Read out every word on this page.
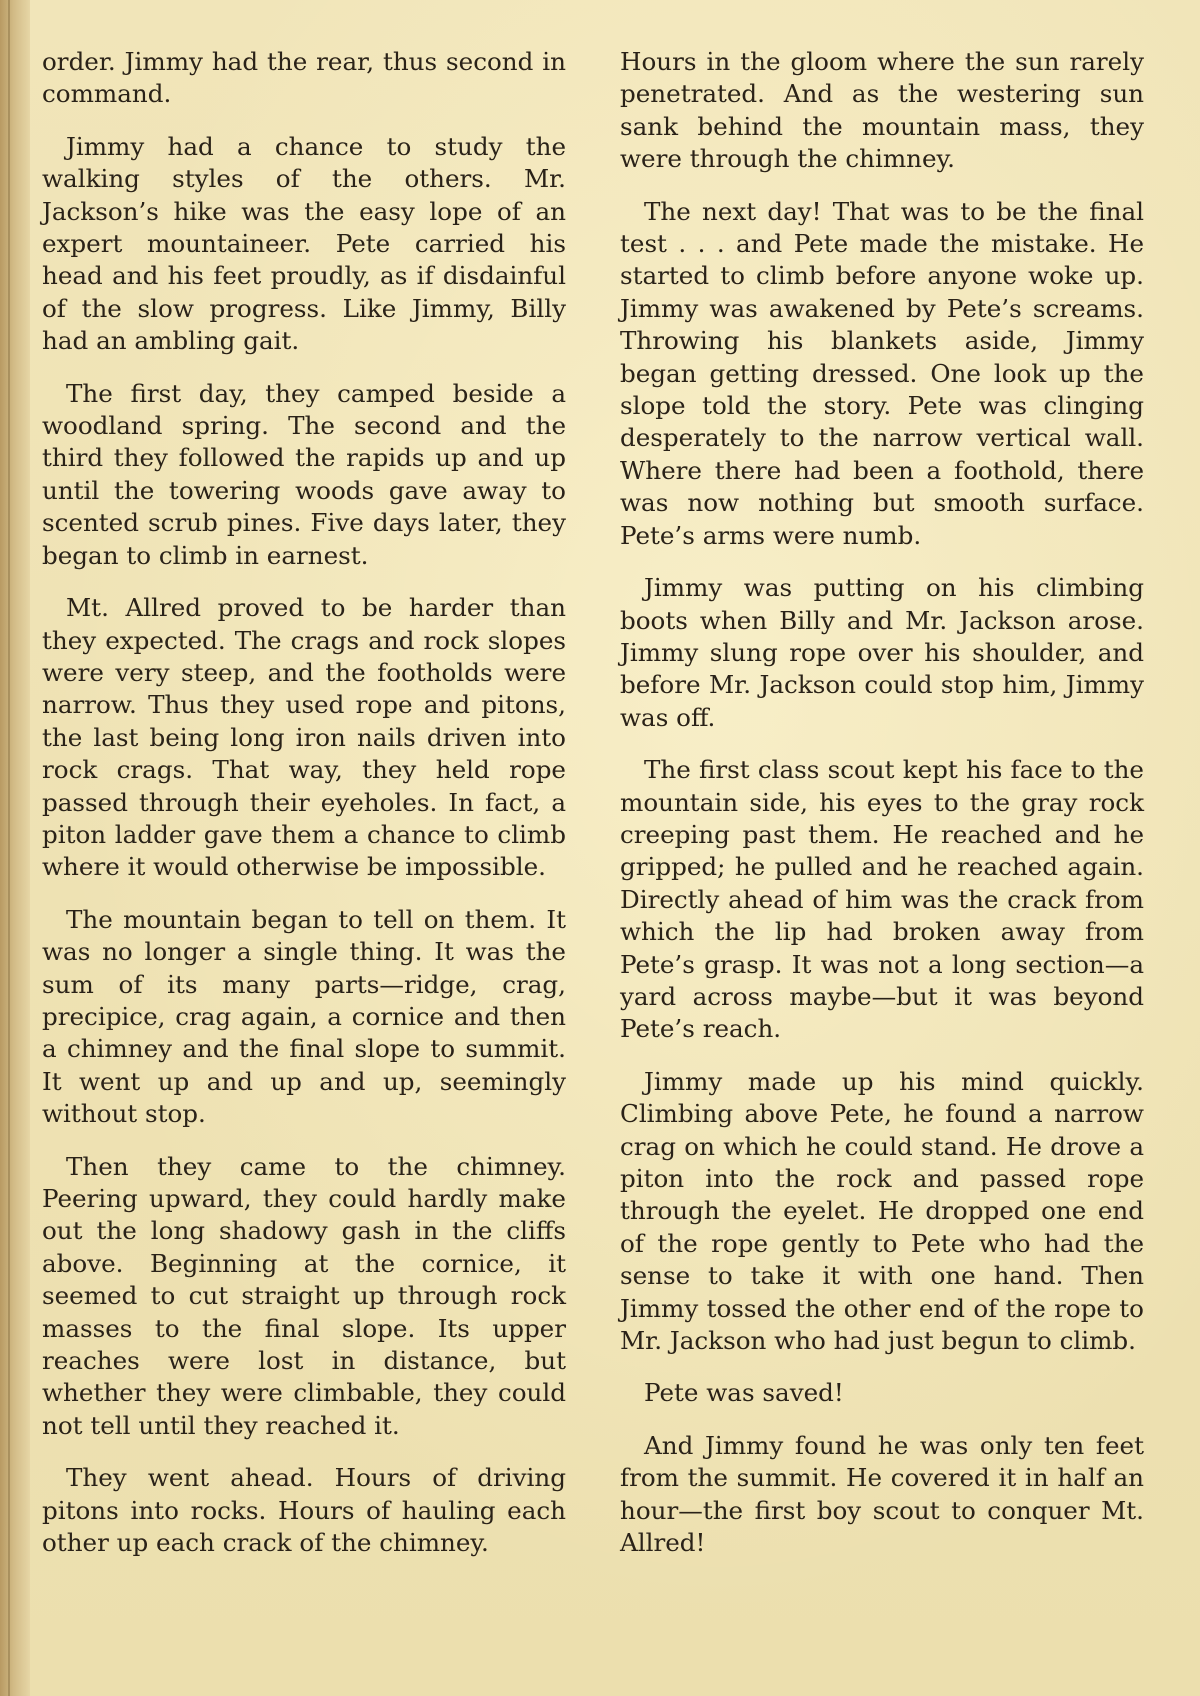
order. Jimmy had the rear, thus second in command.

Jimmy had a chance to study the walking styles of the others. Mr. Jackson’s hike was the easy lope of an expert mountaineer. Pete carried his head and his feet proudly, as if disdainful of the slow progress. Like Jimmy, Billy had an ambling gait.

The first day, they camped beside a woodland spring. The second and the third they followed the rapids up and up until the towering woods gave away to scented scrub pines. Five days later, they began to climb in earnest.

Mt. Allred proved to be harder than they expected. The crags and rock slopes were very steep, and the footholds were narrow. Thus they used rope and pitons, the last being long iron nails driven into rock crags. That way, they held rope passed through their eyeholes. In fact, a piton ladder gave them a chance to climb where it would otherwise be impossible.

The mountain began to tell on them. It was no longer a single thing. It was the sum of its many parts—ridge, crag, precipice, crag again, a cornice and then a chimney and the final slope to summit. It went up and up and up, seemingly without stop.

Then they came to the chimney. Peering upward, they could hardly make out the long shadowy gash in the cliffs above. Beginning at the cornice, it seemed to cut straight up through rock masses to the final slope. Its upper reaches were lost in distance, but whether they were climbable, they could not tell until they reached it.

They went ahead. Hours of driving pitons into rocks. Hours of hauling each other up each crack of the chimney.

Hours in the gloom where the sun rarely penetrated. And as the westering sun sank behind the mountain mass, they were through the chimney.

The next day! That was to be the final test . . . and Pete made the mistake. He started to climb before anyone woke up. Jimmy was awakened by Pete’s screams. Throwing his blankets aside, Jimmy began getting dressed. One look up the slope told the story. Pete was clinging desperately to the narrow vertical wall. Where there had been a foothold, there was now nothing but smooth surface. Pete’s arms were numb.

Jimmy was putting on his climbing boots when Billy and Mr. Jackson arose. Jimmy slung rope over his shoulder, and before Mr. Jackson could stop him, Jimmy was off.

The first class scout kept his face to the mountain side, his eyes to the gray rock creeping past them. He reached and he gripped; he pulled and he reached again. Directly ahead of him was the crack from which the lip had broken away from Pete’s grasp. It was not a long section—a yard across maybe—but it was beyond Pete’s reach.

Jimmy made up his mind quickly. Climbing above Pete, he found a narrow crag on which he could stand. He drove a piton into the rock and passed rope through the eyelet. He dropped one end of the rope gently to Pete who had the sense to take it with one hand. Then Jimmy tossed the other end of the rope to Mr. Jackson who had just begun to climb.

Pete was saved!

And Jimmy found he was only ten feet from the summit. He covered it in half an hour—the first boy scout to conquer Mt. Allred!
